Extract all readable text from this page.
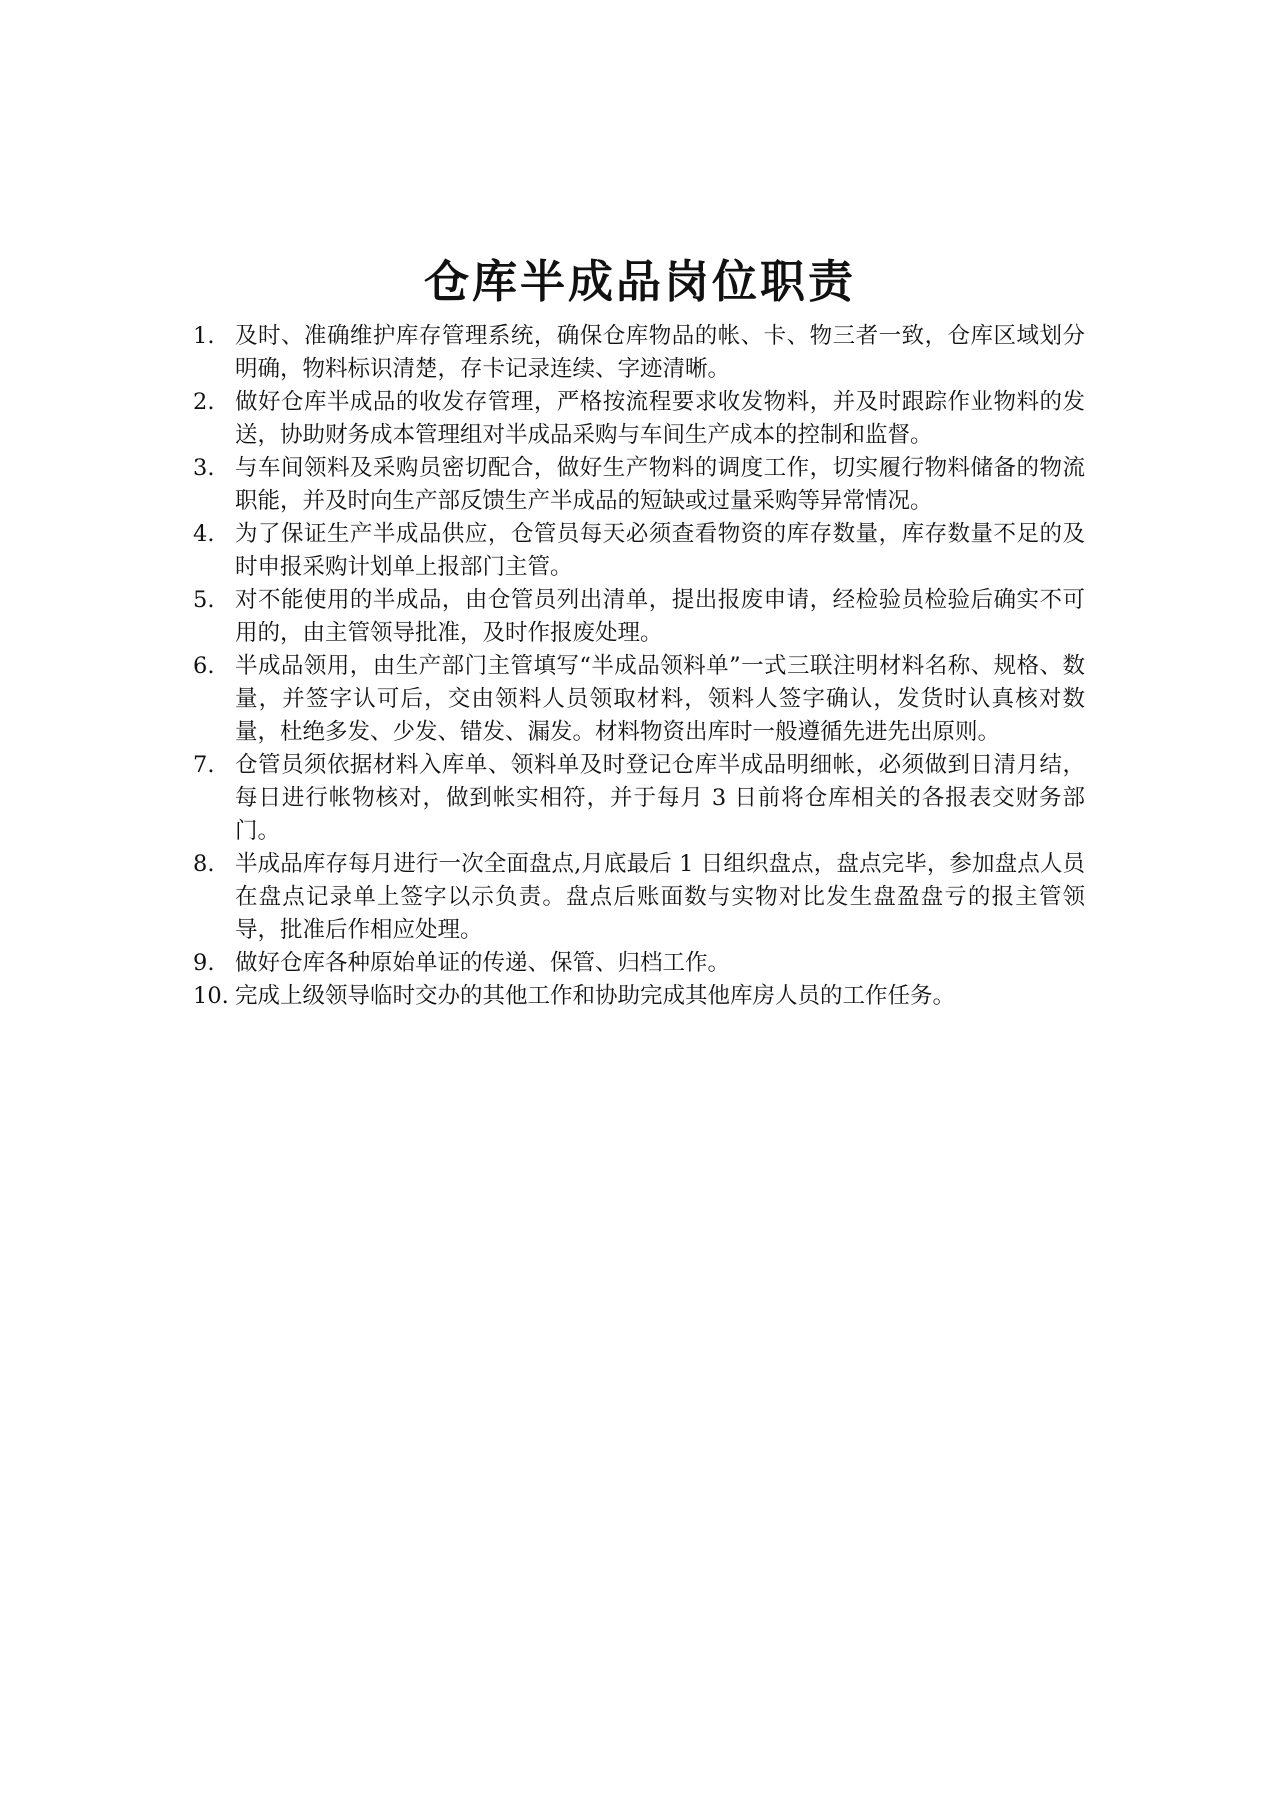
仓库半成品岗位职责
1. 及时、准确维护库存管理系统，确保仓库物品的帐、卡、物三者一致，仓库区域划分明确，物料标识清楚，存卡记录连续、字迹清晰。
2. 做好仓库半成品的收发存管理，严格按流程要求收发物料，并及时跟踪作业物料的发送，协助财务成本管理组对半成品采购与车间生产成本的控制和监督。
3. 与车间领料及采购员密切配合，做好生产物料的调度工作，切实履行物料储备的物流职能，并及时向生产部反馈生产半成品的短缺或过量采购等异常情况。
4. 为了保证生产半成品供应，仓管员每天必须查看物资的库存数量，库存数量不足的及时申报采购计划单上报部门主管。
5. 对不能使用的半成品，由仓管员列出清单，提出报废申请，经检验员检验后确实不可用的，由主管领导批准，及时作报废处理。
6. 半成品领用，由生产部门主管填写“半成品领料单”一式三联注明材料名称、规格、数量，并签字认可后，交由领料人员领取材料，领料人签字确认，发货时认真核对数量，杜绝多发、少发、错发、漏发。材料物资出库时一般遵循先进先出原则。
7. 仓管员须依据材料入库单、领料单及时登记仓库半成品明细帐，必须做到日清月结，每日进行帐物核对，做到帐实相符，并于每月 3 日前将仓库相关的各报表交财务部门。
8. 半成品库存每月进行一次全面盘点,月底最后 1 日组织盘点，盘点完毕，参加盘点人员在盘点记录单上签字以示负责。盘点后账面数与实物对比发生盘盈盘亏的报主管领导，批准后作相应处理。
9. 做好仓库各种原始单证的传递、保管、归档工作。
10. 完成上级领导临时交办的其他工作和协助完成其他库房人员的工作任务。
